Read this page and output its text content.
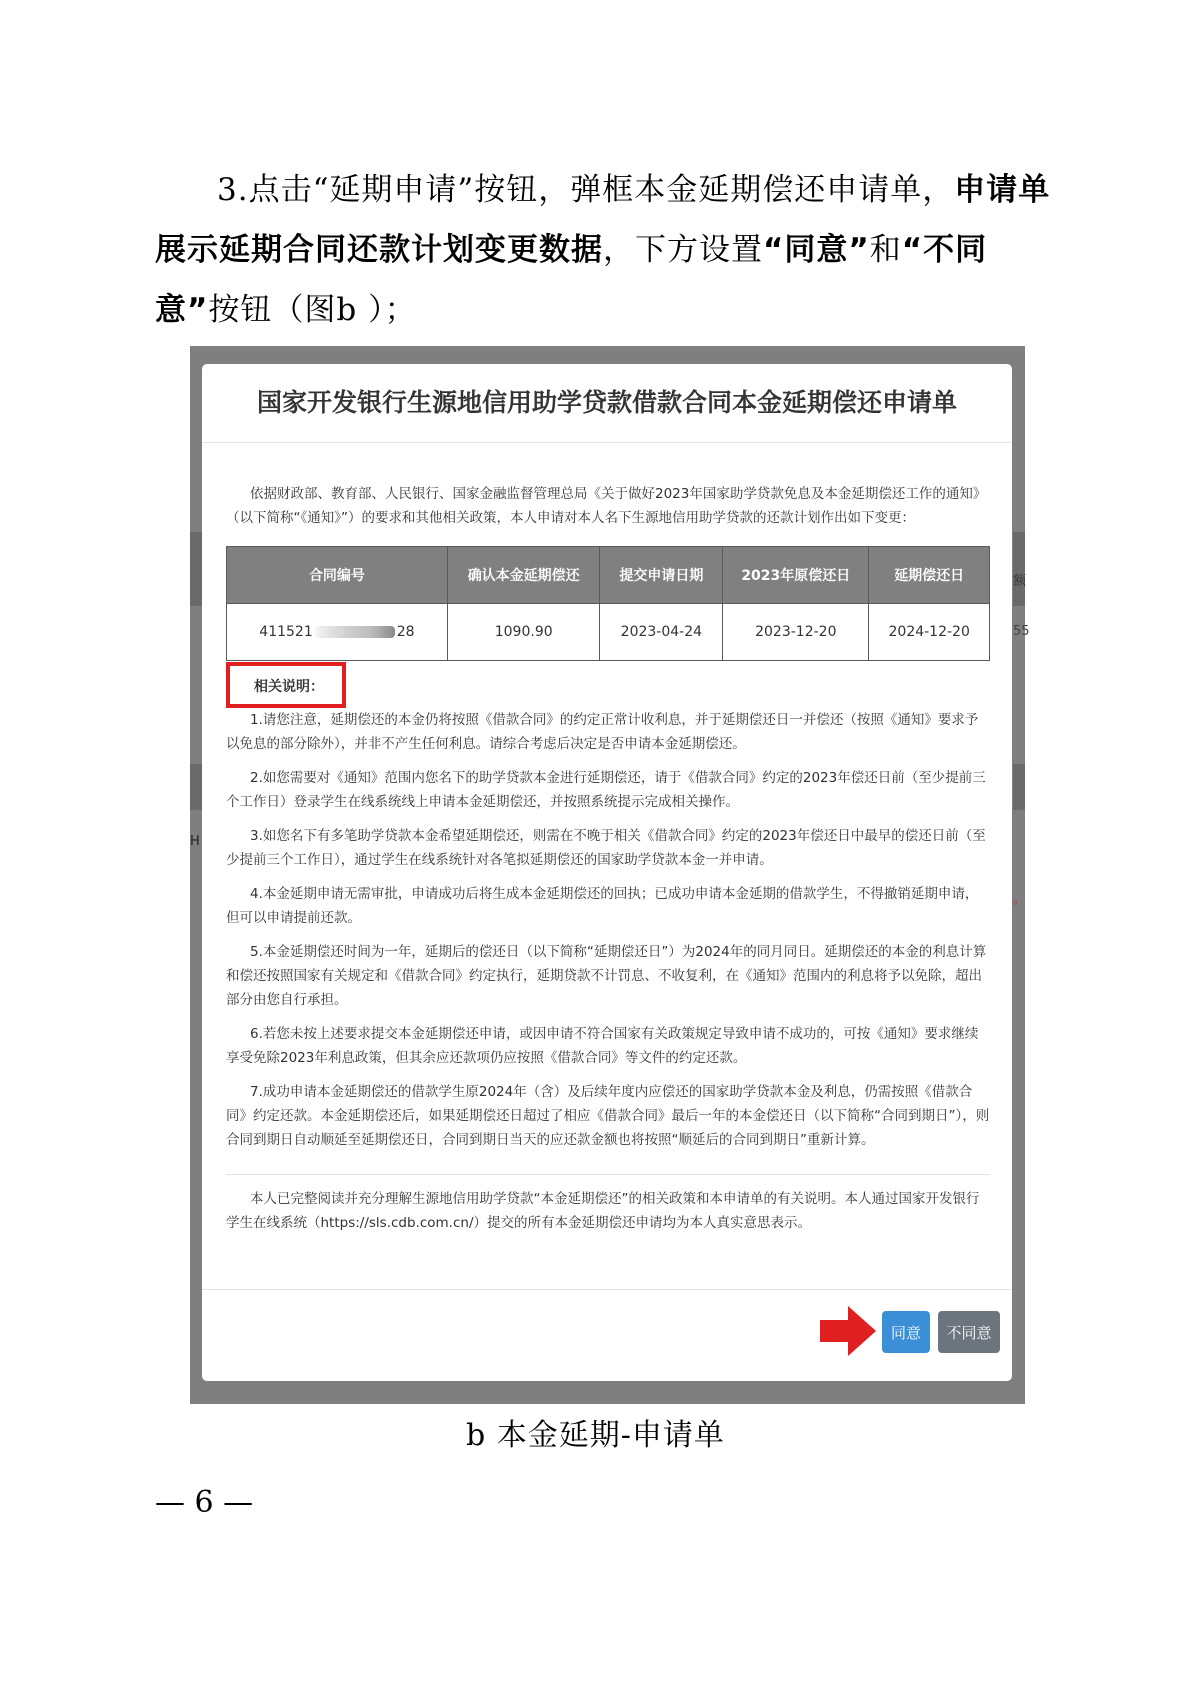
3.点击“延期申请”按钮，弹框本金延期偿还申请单，申请单展示延期合同还款计划变更数据，下方设置“同意”和“不同意”按钮（图b ）；
额
55
H
。
国家开发银行生源地信用助学贷款借款合同本金延期偿还申请单
依据财政部、教育部、人民银行、国家金融监督管理总局《关于做好2023年国家助学贷款免息及本金延期偿还工作的通知》（以下简称“《通知》”）的要求和其他相关政策，本人申请对本人名下生源地信用助学贷款的还款计划作出如下变更：
合同编号	确认本金延期偿还	提交申请日期	2023年原偿还日	延期偿还日
411521 28	1090.90	2023-04-24	2023-12-20	2024-12-20
相关说明：

1.请您注意，延期偿还的本金仍将按照《借款合同》的约定正常计收利息，并于延期偿还日一并偿还（按照《通知》要求予以免息的部分除外），并非不产生任何利息。请综合考虑后决定是否申请本金延期偿还。

2.如您需要对《通知》范围内您名下的助学贷款本金进行延期偿还，请于《借款合同》约定的2023年偿还日前（至少提前三个工作日）登录学生在线系统线上申请本金延期偿还，并按照系统提示完成相关操作。

3.如您名下有多笔助学贷款本金希望延期偿还，则需在不晚于相关《借款合同》约定的2023年偿还日中最早的偿还日前（至少提前三个工作日），通过学生在线系统针对各笔拟延期偿还的国家助学贷款本金一并申请。

4.本金延期申请无需审批，申请成功后将生成本金延期偿还的回执；已成功申请本金延期的借款学生，不得撤销延期申请，但可以申请提前还款。

5.本金延期偿还时间为一年，延期后的偿还日（以下简称“延期偿还日”）为2024年的同月同日。延期偿还的本金的利息计算和偿还按照国家有关规定和《借款合同》约定执行，延期贷款不计罚息、不收复利，在《通知》范围内的利息将予以免除，超出部分由您自行承担。

6.若您未按上述要求提交本金延期偿还申请，或因申请不符合国家有关政策规定导致申请不成功的，可按《通知》要求继续享受免除2023年利息政策，但其余应还款项仍应按照《借款合同》等文件的约定还款。

7.成功申请本金延期偿还的借款学生原2024年（含）及后续年度内应偿还的国家助学贷款本金及利息，仍需按照《借款合同》约定还款。本金延期偿还后，如果延期偿还日超过了相应《借款合同》最后一年的本金偿还日（以下简称“合同到期日”），则合同到期日自动顺延至延期偿还日，合同到期日当天的应还款金额也将按照“顺延后的合同到期日”重新计算。

本人已完整阅读并充分理解生源地信用助学贷款“本金延期偿还”的相关政策和本申请单的有关说明。本人通过国家开发银行学生在线系统（https://sls.cdb.com.cn/）提交的所有本金延期偿还申请均为本人真实意思表示。
同意	不同意
b 本金延期-申请单
— 6 —
